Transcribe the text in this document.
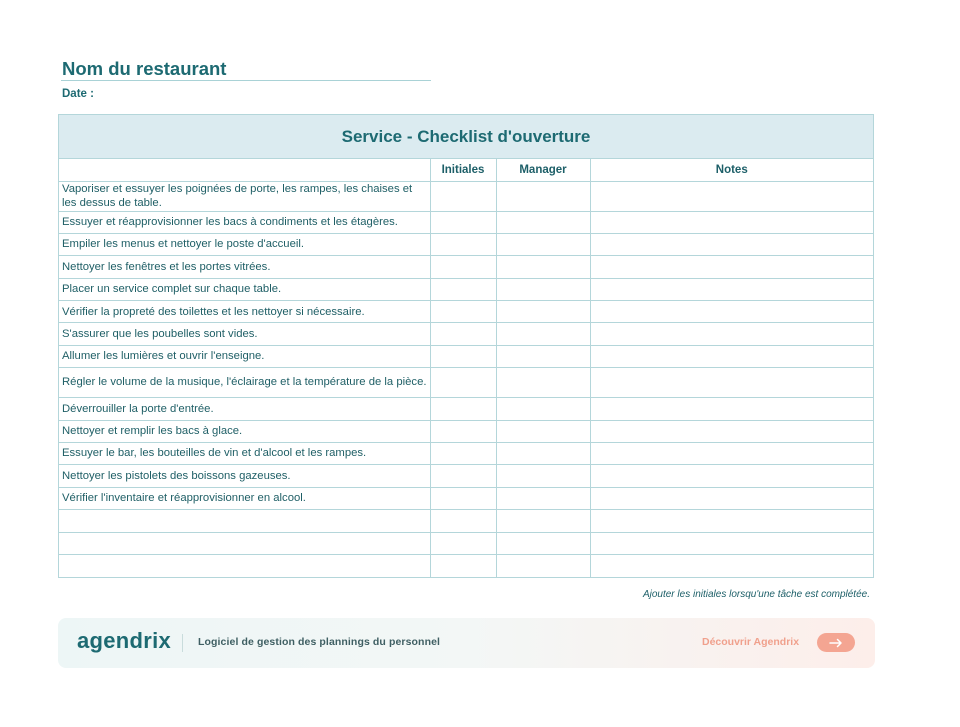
Nom du restaurant
Date :
Service - Checklist d'ouverture
	Initiales	Manager	Notes
Vaporiser et essuyer les poignées de porte, les rampes, les chaises et les dessus de table.			
Essuyer et réapprovisionner les bacs à condiments et les étagères.			
Empiler les menus et nettoyer le poste d'accueil.			
Nettoyer les fenêtres et les portes vitrées.			
Placer un service complet sur chaque table.			
Vérifier la propreté des toilettes et les nettoyer si nécessaire.			
S'assurer que les poubelles sont vides.			
Allumer les lumières et ouvrir l'enseigne.			
Régler le volume de la musique, l'éclairage et la température de la pièce.			
Déverrouiller la porte d'entrée.			
Nettoyer et remplir les bacs à glace.			
Essuyer le bar, les bouteilles de vin et d'alcool et les rampes.			
Nettoyer les pistolets des boissons gazeuses.			
Vérifier l'inventaire et réapprovisionner en alcool.			

Ajouter les initiales lorsqu'une tâche est complétée.
agendrix	Logiciel de gestion des plannings du personnel	Découvrir Agendrix
